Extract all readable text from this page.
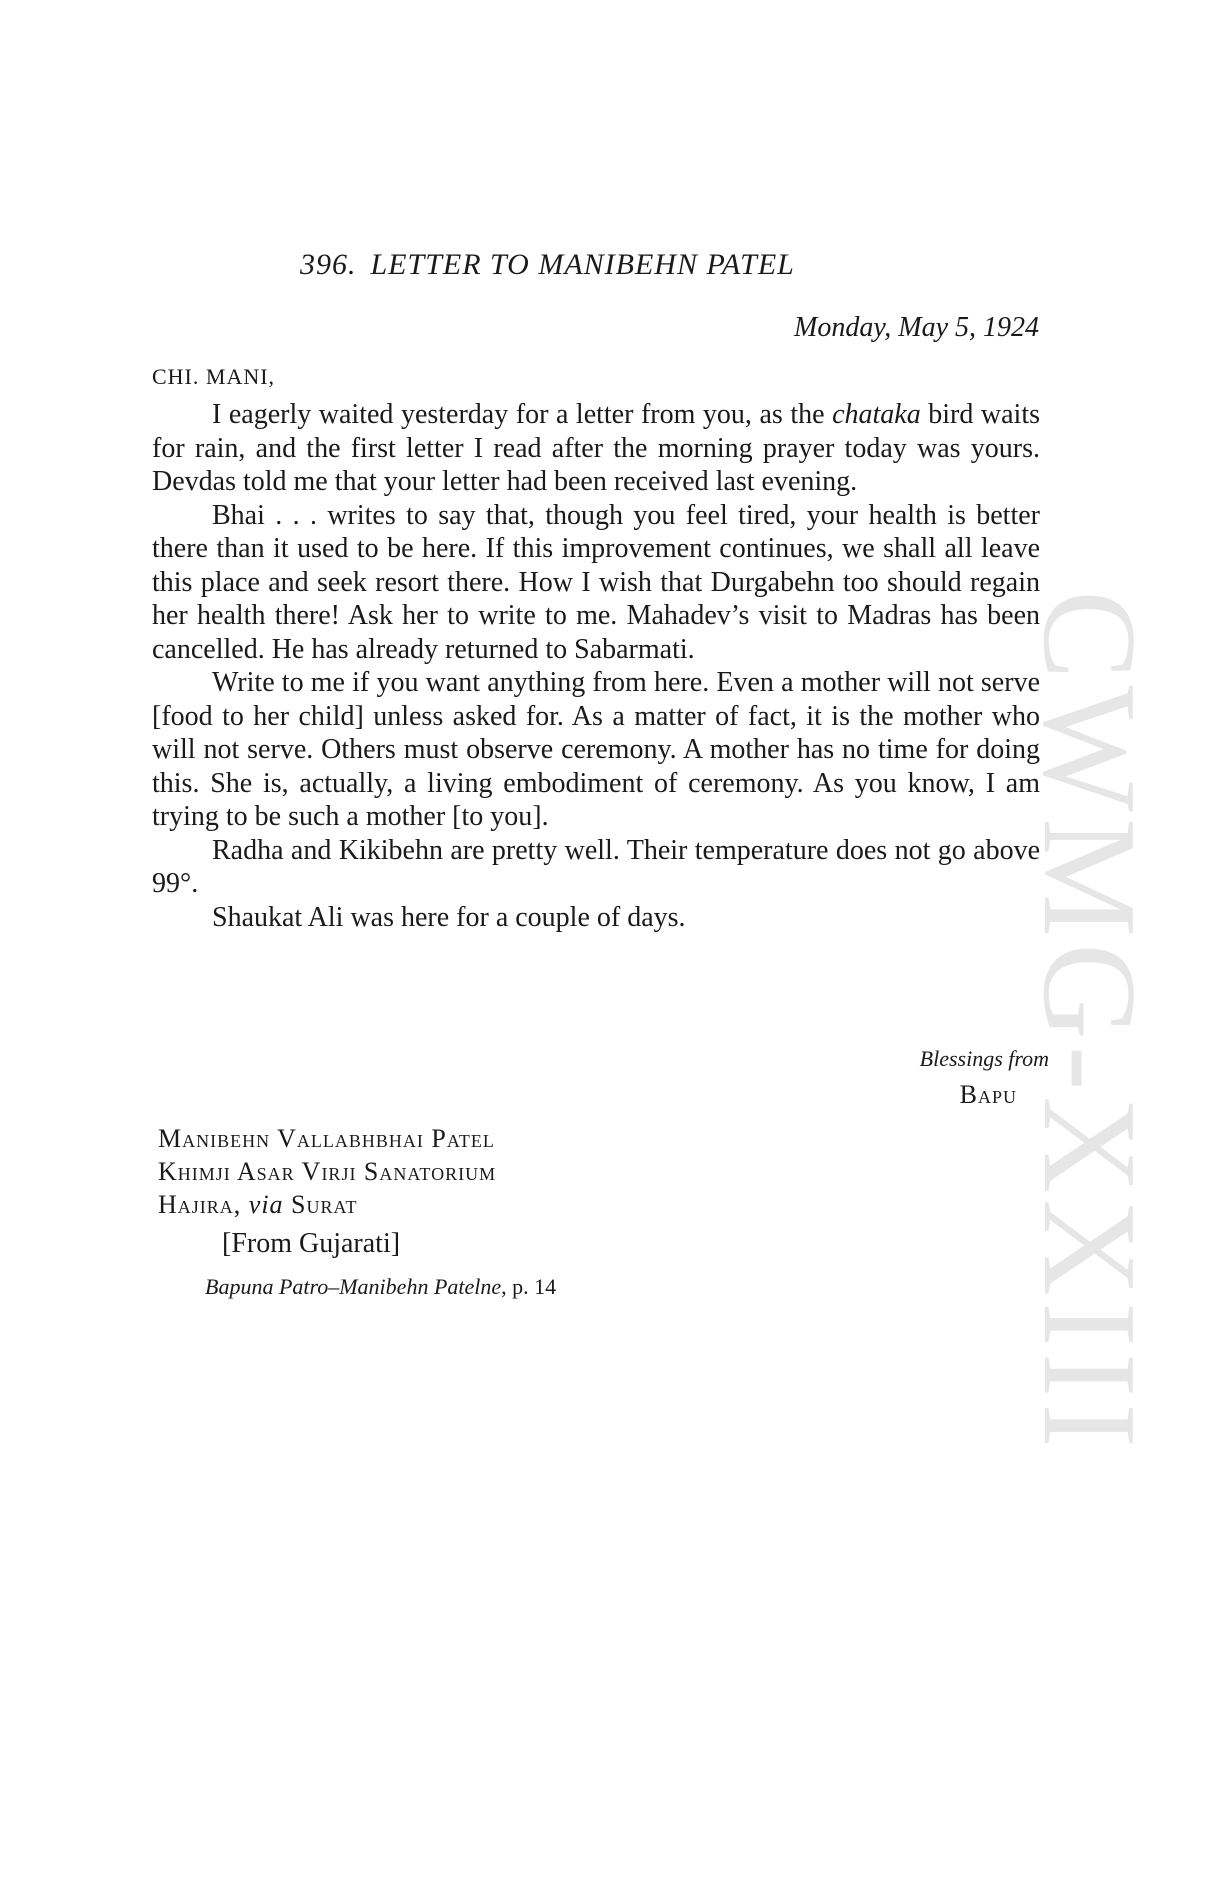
CWMG-XXIII
396. LETTER TO MANIBEHN PATEL
Monday, May 5, 1924
CHI. MANI,

I eagerly waited yesterday for a letter from you, as the chataka bird waits for rain, and the first letter I read after the morning prayer today was yours. Devdas told me that your letter had been received last evening.

Bhai . . . writes to say that, though you feel tired, your health is better there than it used to be here. If this improvement continues, we shall all leave this place and seek resort there. How I wish that Durgabehn too should regain her health there! Ask her to write to me. Mahadev’s visit to Madras has been cancelled. He has already returned to Sabarmati.

Write to me if you want anything from here. Even a mother will not serve [food to her child] unless asked for. As a matter of fact, it is the mother who will not serve. Others must observe ceremony. A mother has no time for doing this. She is, actually, a living embodiment of ceremony. As you know, I am trying to be such a mother [to you].

Radha and Kikibehn are pretty well. Their temperature does not go above 99°.

Shaukat Ali was here for a couple of days.

Blessings from
Bapu
Manibehn Vallabhbhai Patel
Khimji Asar Virji Sanatorium
Hajira, via Surat
[From Gujarati]
Bapuna Patro–Manibehn Patelne, p. 14
